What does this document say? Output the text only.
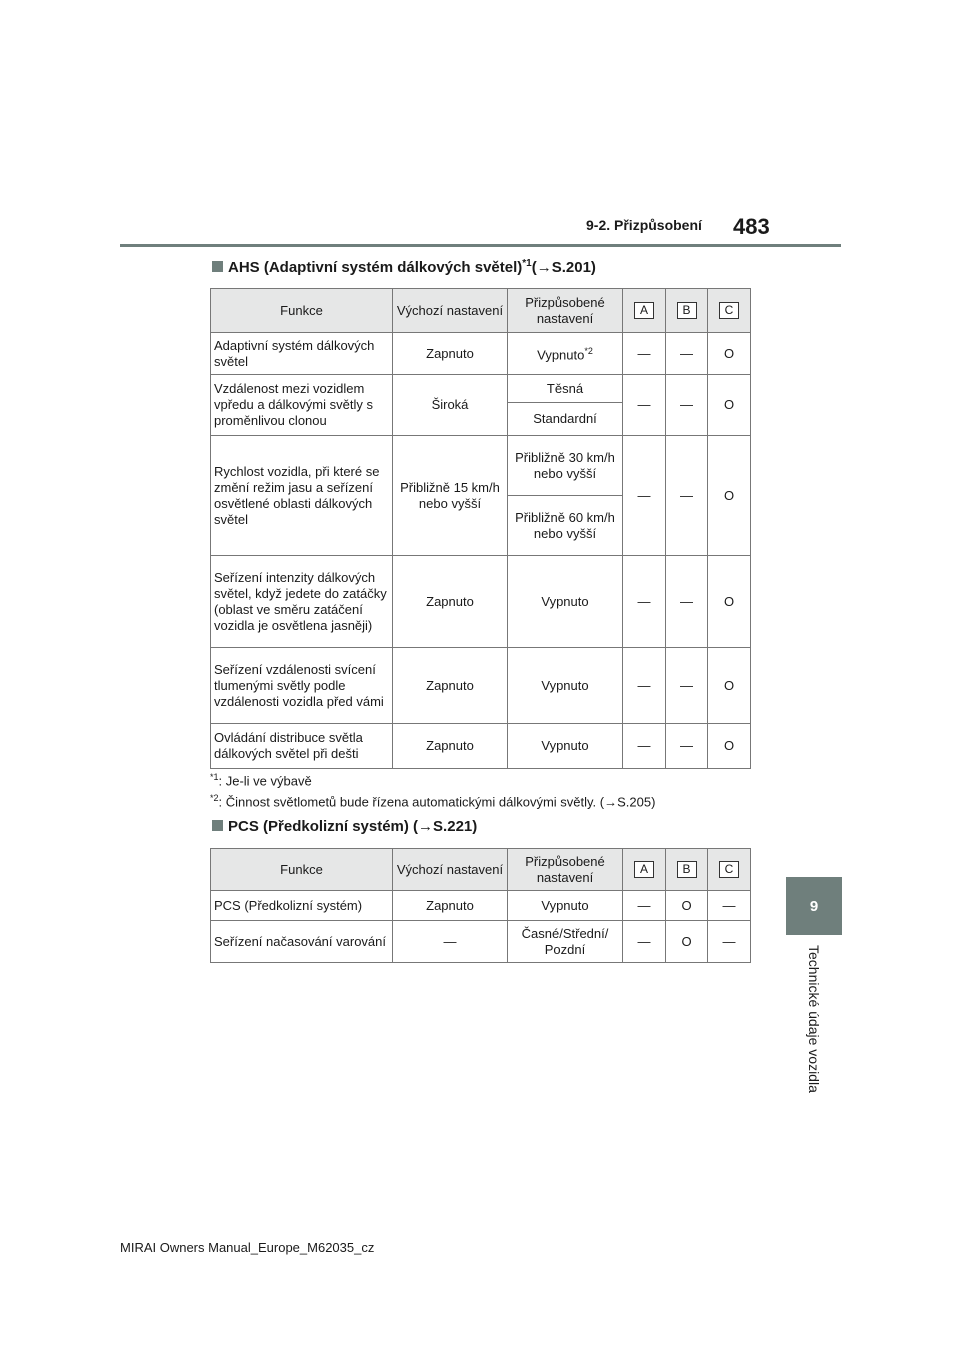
9-2. Přizpůsobení 483
9
Technické údaje vozidla
AHS (Adaptivní systém dálkových světel)$^{*1}$(→S.201)
Funkce	Výchozí nastavení	Přizpůsobené nastavení	A	B	C
Adaptivní systém dálkových světel	Zapnuto	Vypnuto$^{*2}$	—	—	O
Vzdálenost mezi vozidlem vpředu a dálkovými světly s proměnlivou clonou	Široká	Těsná	—	—	O
		Standardní			
Rychlost vozidla, při které se změní režim jasu a seřízení osvětlené oblasti dálkových světel	Přibližně 15 km/h nebo vyšší	Přibližně 30 km/h nebo vyšší	—	—	O
		Přibližně 60 km/h nebo vyšší			
Seřízení intenzity dálkových světel, když jedete do zatáčky (oblast ve směru zatáčení vozidla je osvětlena jasněji)	Zapnuto	Vypnuto	—	—	O
Seřízení vzdálenosti svícení tlumenými světly podle vzdálenosti vozidla před vámi	Zapnuto	Vypnuto	—	—	O
Ovládání distribuce světla dálkových světel při dešti	Zapnuto	Vypnuto	—	—	O
$^{*1}$: Je-li ve výbavě
$^{*2}$: Činnost světlometů bude řízena automatickými dálkovými světly. (→S.205)
PCS (Předkolizní systém) (→S.221)
Funkce	Výchozí nastavení	Přizpůsobené nastavení	A	B	C
PCS (Předkolizní systém)	Zapnuto	Vypnuto	—	O	—
Seřízení načasování varování	—	Časné/Střední/ Pozdní	—	O	—
MIRAI Owners Manual_Europe_M62035_cz
